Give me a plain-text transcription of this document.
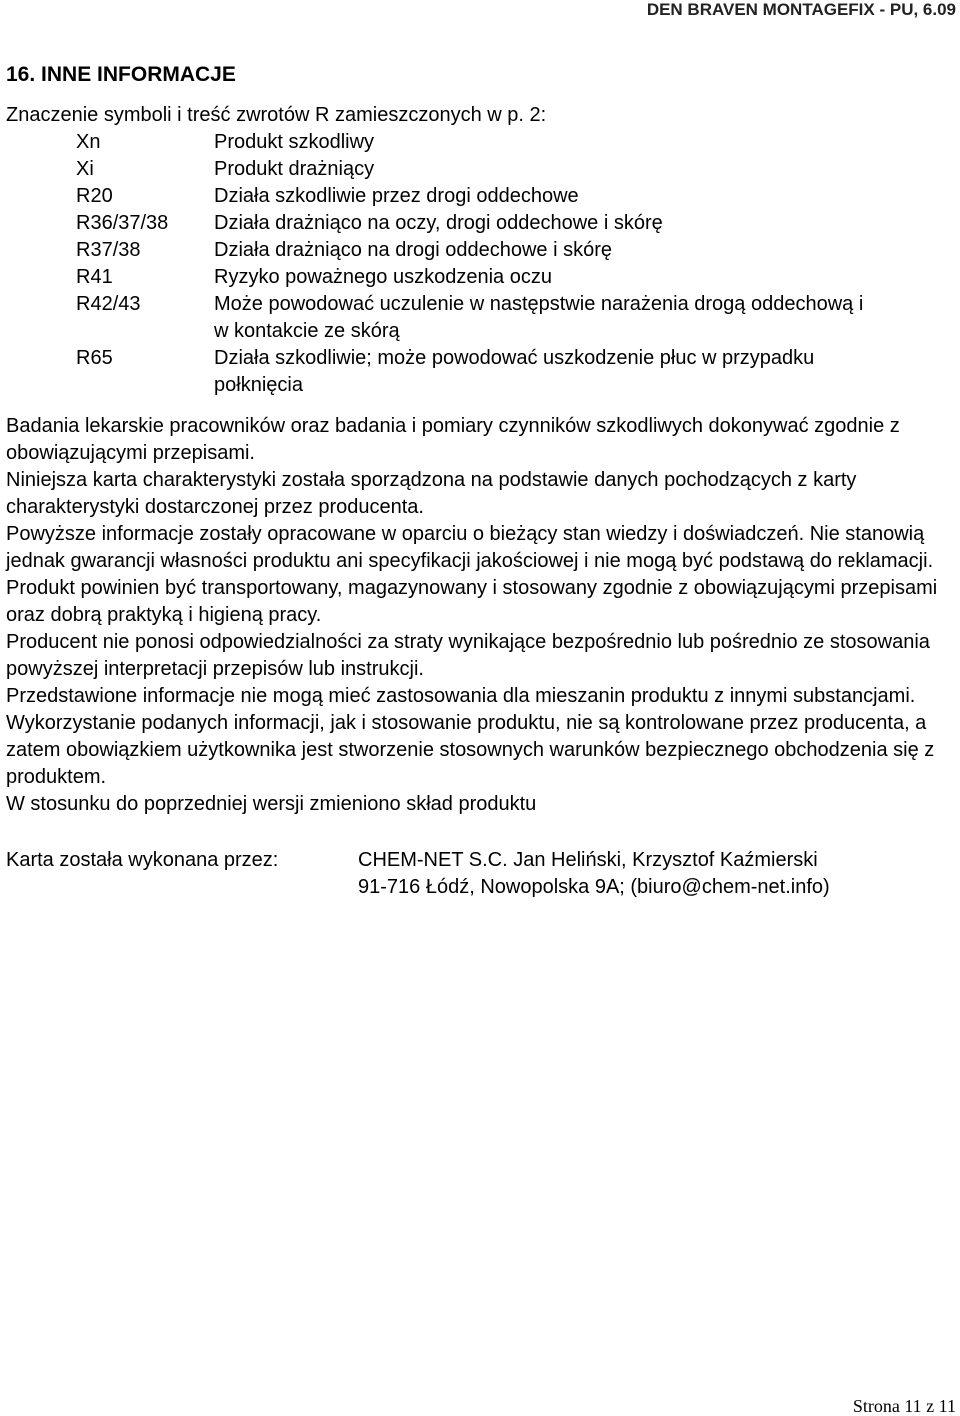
DEN BRAVEN MONTAGEFIX - PU, 6.09
16. INNE INFORMACJE
Znaczenie symboli i treść zwrotów R zamieszczonych w p. 2:
Xn	Produkt szkodliwy
Xi	Produkt drażniący
R20	Działa szkodliwie przez drogi oddechowe
R36/37/38	Działa drażniąco na oczy, drogi oddechowe i skórę
R37/38	Działa drażniąco na drogi oddechowe i skórę
R41	Ryzyko poważnego uszkodzenia oczu
R42/43	Może powodować uczulenie w następstwie narażenia drogą oddechową i w kontakcie ze skórą
R65	Działa szkodliwie; może powodować uszkodzenie płuc w przypadku połknięcia

Badania lekarskie pracowników oraz badania i pomiary czynników szkodliwych dokonywać zgodnie z obowiązującymi przepisami.

Niniejsza karta charakterystyki została sporządzona na podstawie danych pochodzących z karty charakterystyki dostarczonej przez producenta.

Powyższe informacje zostały opracowane w oparciu o bieżący stan wiedzy i doświadczeń. Nie stanowią jednak gwarancji własności produktu ani specyfikacji jakościowej i nie mogą być podstawą do reklamacji. Produkt powinien być transportowany, magazynowany i stosowany zgodnie z obowiązującymi przepisami oraz dobrą praktyką i higieną pracy.

Producent nie ponosi odpowiedzialności za straty wynikające bezpośrednio lub pośrednio ze stosowania powyższej interpretacji przepisów lub instrukcji.

Przedstawione informacje nie mogą mieć zastosowania dla mieszanin produktu z innymi substancjami. Wykorzystanie podanych informacji, jak i stosowanie produktu, nie są kontrolowane przez producenta, a zatem obowiązkiem użytkownika jest stworzenie stosownych warunków bezpiecznego obchodzenia się z produktem.

W stosunku do poprzedniej wersji zmieniono skład produktu

Karta została wykonana przez:	CHEM-NET S.C. Jan Heliński, Krzysztof Kaźmierski
91-716 Łódź, Nowopolska 9A; (biuro@chem-net.info)
Strona 11 z 11
